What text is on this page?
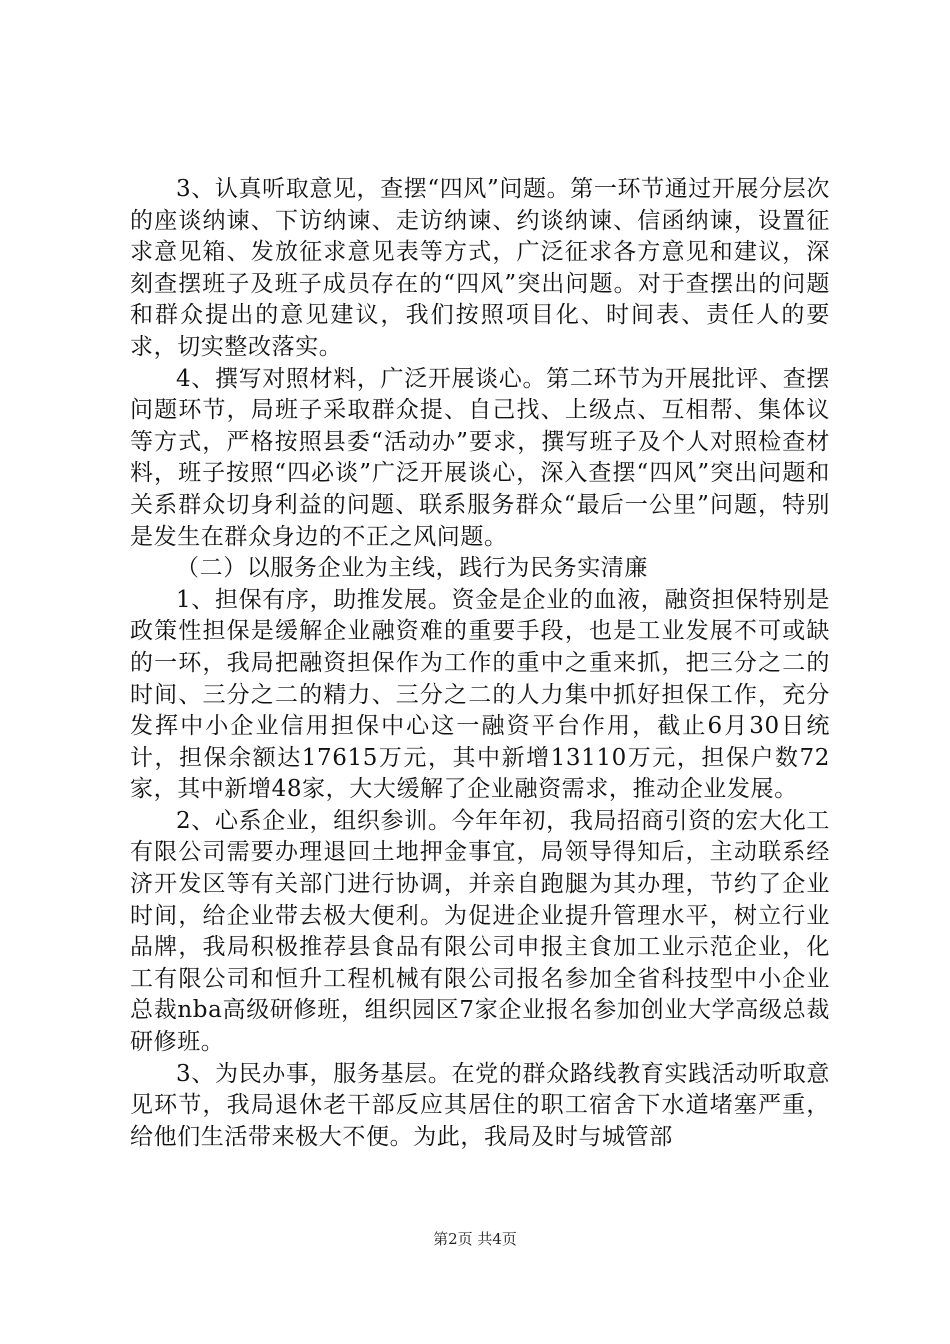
3、认真听取意见，查摆“四风”问题。第一环节通过开展分层次的座谈纳谏、下访纳谏、走访纳谏、约谈纳谏、信函纳谏，设置征求意见箱、发放征求意见表等方式，广泛征求各方意见和建议，深刻查摆班子及班子成员存在的“四风”突出问题。对于查摆出的问题和群众提出的意见建议，我们按照项目化、时间表、责任人的要求，切实整改落实。

4、撰写对照材料，广泛开展谈心。第二环节为开展批评、查摆问题环节，局班子采取群众提、自己找、上级点、互相帮、集体议等方式，严格按照县委“活动办”要求，撰写班子及个人对照检查材料，班子按照“四必谈”广泛开展谈心，深入查摆“四风”突出问题和关系群众切身利益的问题、联系服务群众“最后一公里”问题，特别是发生在群众身边的不正之风问题。

（二）以服务企业为主线，践行为民务实清廉

1、担保有序，助推发展。资金是企业的血液，融资担保特别是政策性担保是缓解企业融资难的重要手段，也是工业发展不可或缺的一环，我局把融资担保作为工作的重中之重来抓，把三分之二的时间、三分之二的精力、三分之二的人力集中抓好担保工作，充分发挥中小企业信用担保中心这一融资平台作用，截止6月30日统计，担保余额达17615万元，其中新增13110万元，担保户数72家，其中新增48家，大大缓解了企业融资需求，推动企业发展。

2、心系企业，组织参训。今年年初，我局招商引资的宏大化工有限公司需要办理退回土地押金事宜，局领导得知后，主动联系经济开发区等有关部门进行协调，并亲自跑腿为其办理，节约了企业时间，给企业带去极大便利。为促进企业提升管理水平，树立行业品牌，我局积极推荐县食品有限公司申报主食加工业示范企业，化工有限公司和恒升工程机械有限公司报名参加全省科技型中小企业总裁nba高级研修班，组织园区7家企业报名参加创业大学高级总裁研修班。

3、为民办事，服务基层。在党的群众路线教育实践活动听取意见环节，我局退休老干部反应其居住的职工宿舍下水道堵塞严重，给他们生活带来极大不便。为此，我局及时与城管部

第2页 共4页
